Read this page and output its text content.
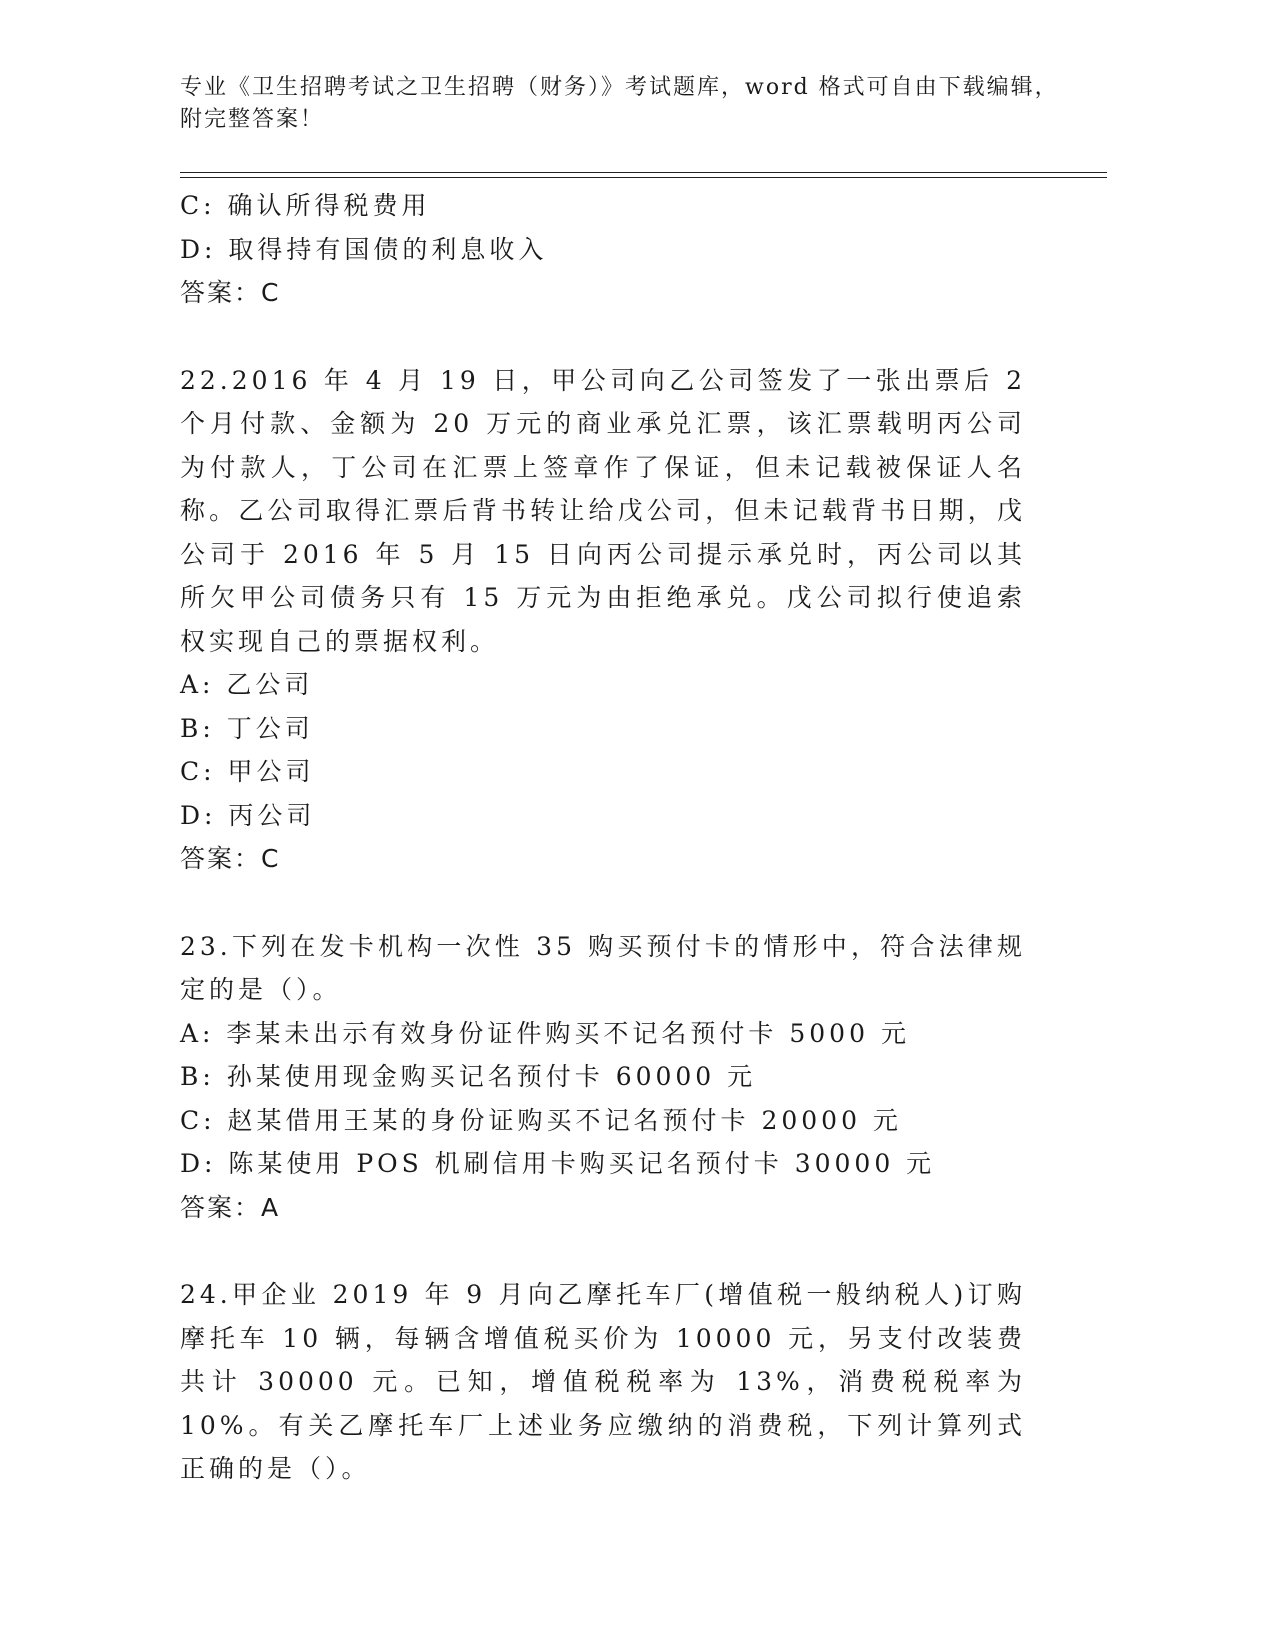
专业《卫生招聘考试之卫生招聘（财务）》考试题库，word 格式可自由下载编辑，附完整答案！
C: 确认所得税费用
D: 取得持有国债的利息收入
答案：C
22.2016 年 4 月 19 日，甲公司向乙公司签发了一张出票后 2 个月付款、金额为 20 万元的商业承兑汇票，该汇票载明丙公司为付款人，丁公司在汇票上签章作了保证，但未记载被保证人名称。乙公司取得汇票后背书转让给戊公司，但未记载背书日期，戊公司于 2016 年 5 月 15 日向丙公司提示承兑时，丙公司以其所欠甲公司债务只有 15 万元为由拒绝承兑。戊公司拟行使追索权实现自己的票据权利。
A: 乙公司
B: 丁公司
C: 甲公司
D: 丙公司
答案：C
23.下列在发卡机构一次性 35 购买预付卡的情形中，符合法律规定的是（）。
A: 李某未出示有效身份证件购买不记名预付卡 5000 元
B: 孙某使用现金购买记名预付卡 60000 元
C: 赵某借用王某的身份证购买不记名预付卡 20000 元
D: 陈某使用 POS 机刷信用卡购买记名预付卡 30000 元
答案：A
24.甲企业 2019 年 9 月向乙摩托车厂(增值税一般纳税人)订购摩托车 10 辆，每辆含增值税买价为 10000 元，另支付改装费共计 30000 元。已知，增值税税率为 13%，消费税税率为 10%。有关乙摩托车厂上述业务应缴纳的消费税，下列计算列式正确的是（）。
